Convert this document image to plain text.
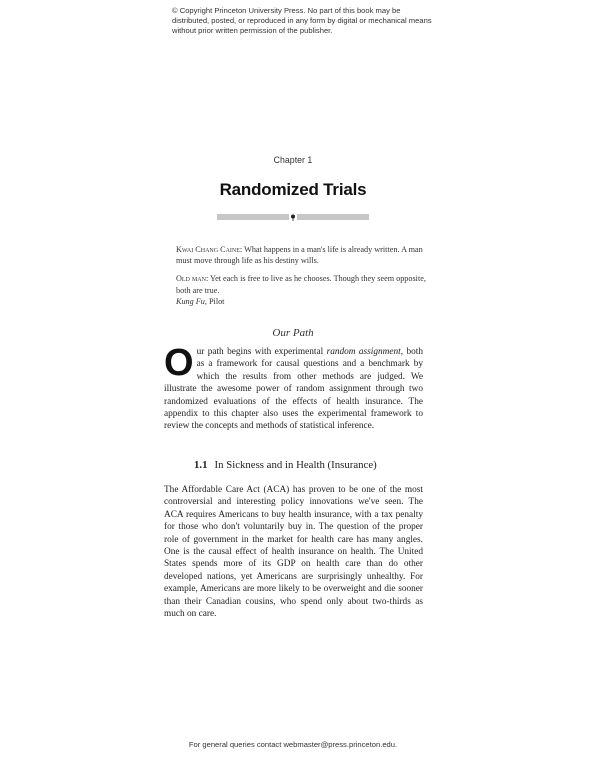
© Copyright Princeton University Press. No part of this book may be distributed, posted, or reproduced in any form by digital or mechanical means without prior written permission of the publisher.
Chapter 1
Randomized Trials

Kwai Chang Caine: What happens in a man's life is already written. A man must move through life as his destiny wills.

Old man: Yet each is free to live as he chooses. Though they seem opposite, both are true.

Kung Fu, Pilot

Our Path

Our path begins with experimental random assignment, both as a framework for causal questions and a benchmark by which the results from other methods are judged. We illustrate the awesome power of random assignment through two randomized evaluations of the effects of health insurance. The appendix to this chapter also uses the experimental framework to review the concepts and methods of statistical inference.

1.1 In Sickness and in Health (Insurance)

The Affordable Care Act (ACA) has proven to be one of the most controversial and interesting policy innovations we've seen. The ACA requires Americans to buy health insurance, with a tax penalty for those who don't voluntarily buy in. The question of the proper role of government in the market for health care has many angles. One is the causal effect of health insurance on health. The United States spends more of its GDP on health care than do other developed nations, yet Americans are surprisingly unhealthy. For example, Americans are more likely to be overweight and die sooner than their Canadian cousins, who spend only about two-thirds as much on care.

For general queries contact webmaster@press.princeton.edu.
